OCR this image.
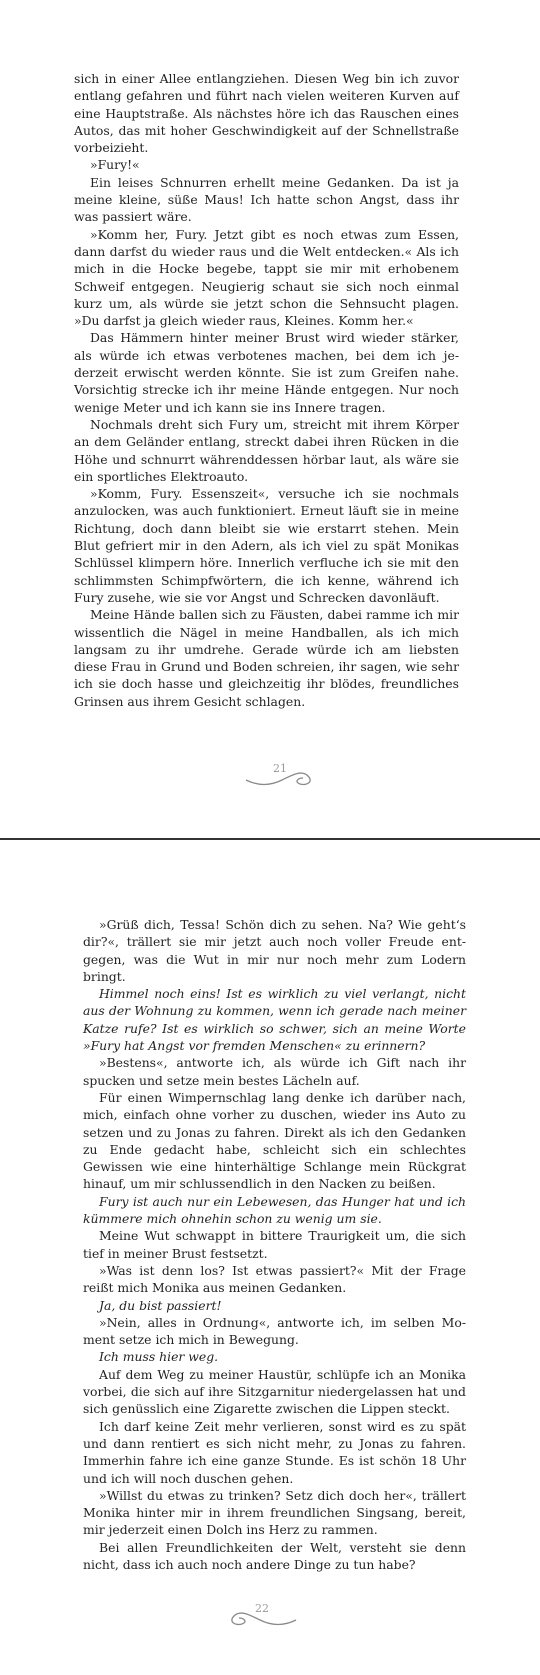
sich in einer Allee entlangziehen. Diesen Weg bin ich zuvor entlang gefahren und führt nach vielen weiteren Kurven auf eine Hauptstraße. Als nächstes höre ich das Rauschen eines Autos, das mit hoher Geschwindigkeit auf der Schnellstraße vorbeizieht.

»Fury!«

Ein leises Schnurren erhellt meine Gedanken. Da ist ja meine kleine, süße Maus! Ich hatte schon Angst, dass ihr was passiert wäre.

»Komm her, Fury. Jetzt gibt es noch etwas zum Essen, dann darfst du wieder raus und die Welt entdecken.« Als ich mich in die Hocke begebe, tappt sie mir mit erhobenem Schweif entgegen. Neugierig schaut sie sich noch einmal kurz um, als würde sie jetzt schon die Sehnsucht plagen. »Du darfst ja gleich wieder raus, Kleines. Komm her.«

Das Hämmern hinter meiner Brust wird wieder stärker, als würde ich etwas verbotenes machen, bei dem ich jederzeit erwischt werden könnte. Sie ist zum Greifen nahe. Vorsichtig strecke ich ihr meine Hände entgegen. Nur noch wenige Meter und ich kann sie ins Innere tragen.

Nochmals dreht sich Fury um, streicht mit ihrem Körper an dem Geländer entlang, streckt dabei ihren Rücken in die Höhe und schnurrt währenddessen hörbar laut, als wäre sie ein sportliches Elektroauto.

»Komm, Fury. Essenszeit«, versuche ich sie nochmals anzulocken, was auch funktioniert. Erneut läuft sie in meine Richtung, doch dann bleibt sie wie erstarrt stehen. Mein Blut gefriert mir in den Adern, als ich viel zu spät Monikas Schlüssel klimpern höre. Innerlich verfluche ich sie mit den schlimmsten Schimpfwörtern, die ich kenne, während ich Fury zusehe, wie sie vor Angst und Schrecken davonläuft.

Meine Hände ballen sich zu Fäusten, dabei ramme ich mir wissentlich die Nägel in meine Handballen, als ich mich langsam zu ihr umdrehe. Gerade würde ich am liebsten diese Frau in Grund und Boden schreien, ihr sagen, wie sehr ich sie doch hasse und gleichzeitig ihr blödes, freundliches Grinsen aus ihrem Gesicht schlagen.

21

»Grüß dich, Tessa! Schön dich zu sehen. Na? Wie geht‘s dir?«, trällert sie mir jetzt auch noch voller Freude entgegen, was die Wut in mir nur noch mehr zum Lodern bringt.

Himmel noch eins! Ist es wirklich zu viel verlangt, nicht aus der Wohnung zu kommen, wenn ich gerade nach meiner Katze rufe? Ist es wirklich so schwer, sich an meine Worte »Fury hat Angst vor fremden Menschen« zu erinnern?

»Bestens«, antworte ich, als würde ich Gift nach ihr spucken und setze mein bestes Lächeln auf.

Für einen Wimpernschlag lang denke ich darüber nach, mich, einfach ohne vorher zu duschen, wieder ins Auto zu setzen und zu Jonas zu fahren. Direkt als ich den Gedanken zu Ende gedacht habe, schleicht sich ein schlechtes Gewissen wie eine hinterhältige Schlange mein Rückgrat hinauf, um mir schlussendlich in den Nacken zu beißen.

Fury ist auch nur ein Lebewesen, das Hunger hat und ich kümmere mich ohnehin schon zu wenig um sie.

Meine Wut schwappt in bittere Traurigkeit um, die sich tief in meiner Brust festsetzt.

»Was ist denn los? Ist etwas passiert?« Mit der Frage reißt mich Monika aus meinen Gedanken.

Ja, du bist passiert!

»Nein, alles in Ordnung«, antworte ich, im selben Moment setze ich mich in Bewegung.

Ich muss hier weg.

Auf dem Weg zu meiner Haustür, schlüpfe ich an Monika vorbei, die sich auf ihre Sitzgarnitur niedergelassen hat und sich genüsslich eine Zigarette zwischen die Lippen steckt.

Ich darf keine Zeit mehr verlieren, sonst wird es zu spät und dann rentiert es sich nicht mehr, zu Jonas zu fahren. Immerhin fahre ich eine ganze Stunde. Es ist schön 18 Uhr und ich will noch duschen gehen.

»Willst du etwas zu trinken? Setz dich doch her«, trällert Monika hinter mir in ihrem freundlichen Singsang, bereit, mir jederzeit einen Dolch ins Herz zu rammen.

Bei allen Freundlichkeiten der Welt, versteht sie denn nicht, dass ich auch noch andere Dinge zu tun habe?

22
